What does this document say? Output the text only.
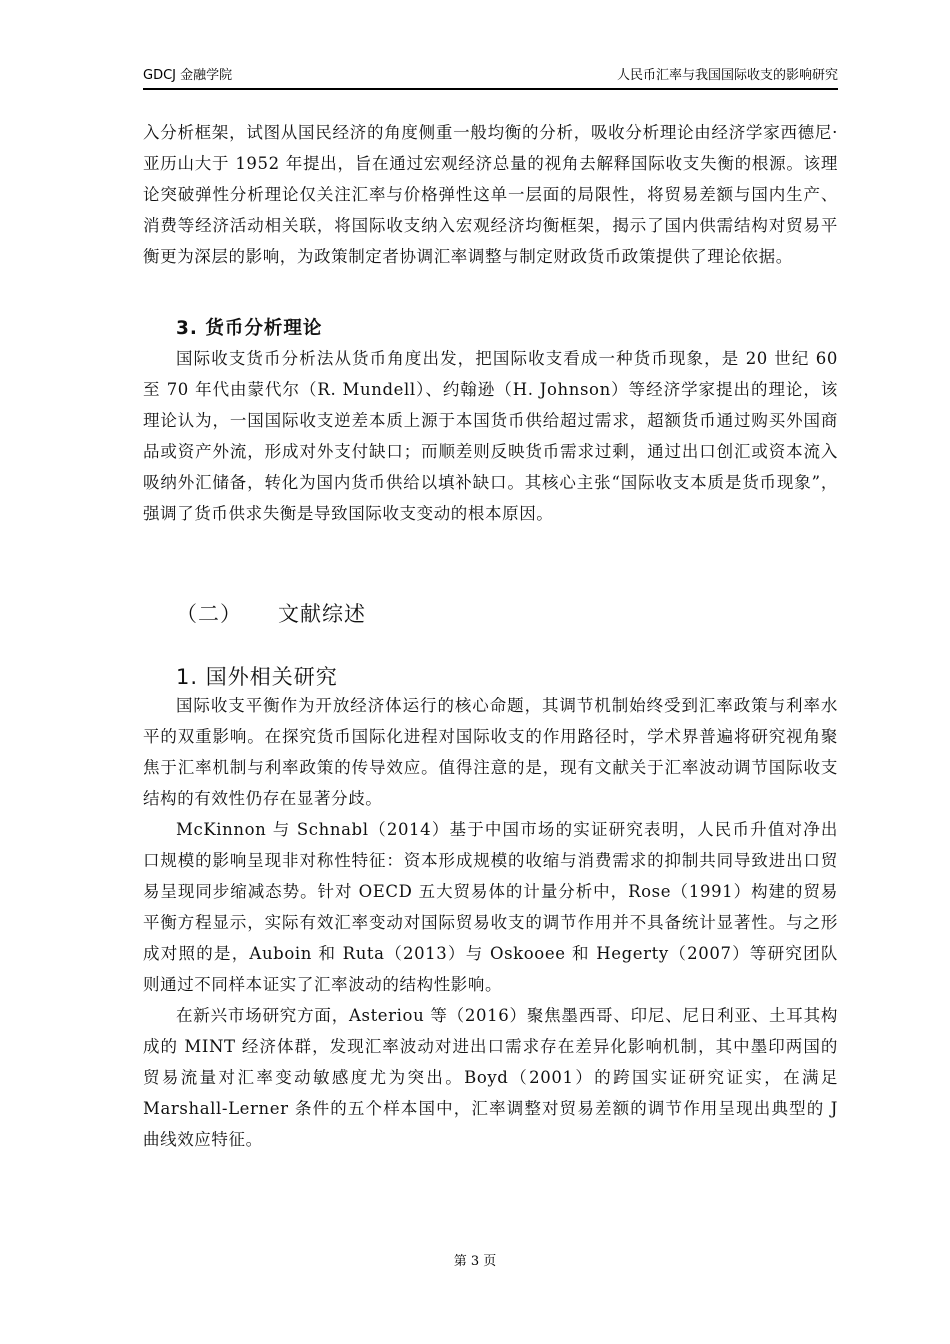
GDCJ 金融学院	人民币汇率与我国国际收支的影响研究

入分析框架，试图从国民经济的角度侧重一般均衡的分析，吸收分析理论由经济学家西德尼·亚历山大于 1952 年提出，旨在通过宏观经济总量的视角去解释国际收支失衡的根源。该理论突破弹性分析理论仅关注汇率与价格弹性这单一层面的局限性，将贸易差额与国内生产、消费等经济活动相关联，将国际收支纳入宏观经济均衡框架，揭示了国内供需结构对贸易平衡更为深层的影响，为政策制定者协调汇率调整与制定财政货币政策提供了理论依据。

3. 货币分析理论

国际收支货币分析法从货币角度出发，把国际收支看成一种货币现象，是 20 世纪 60 至 70 年代由蒙代尔（R. Mundell）、约翰逊（H. Johnson）等经济学家提出的理论，该理论认为，一国国际收支逆差本质上源于本国货币供给超过需求，超额货币通过购买外国商品或资产外流，形成对外支付缺口；而顺差则反映货币需求过剩，通过出口创汇或资本流入吸纳外汇储备，转化为国内货币供给以填补缺口。其核心主张“国际收支本质是货币现象”，强调了货币供求失衡是导致国际收支变动的根本原因。

（二） 文献综述
1. 国外相关研究

国际收支平衡作为开放经济体运行的核心命题，其调节机制始终受到汇率政策与利率水平的双重影响。在探究货币国际化进程对国际收支的作用路径时，学术界普遍将研究视角聚焦于汇率机制与利率政策的传导效应。值得注意的是，现有文献关于汇率波动调节国际收支结构的有效性仍存在显著分歧。

McKinnon 与 Schnabl（2014）基于中国市场的实证研究表明，人民币升值对净出口规模的影响呈现非对称性特征：资本形成规模的收缩与消费需求的抑制共同导致进出口贸易呈现同步缩减态势。针对 OECD 五大贸易体的计量分析中，Rose（1991）构建的贸易平衡方程显示，实际有效汇率变动对国际贸易收支的调节作用并不具备统计显著性。与之形成对照的是，Auboin 和 Ruta（2013）与 Oskooee 和 Hegerty（2007）等研究团队则通过不同样本证实了汇率波动的结构性影响。

在新兴市场研究方面，Asteriou 等（2016）聚焦墨西哥、印尼、尼日利亚、土耳其构成的 MINT 经济体群，发现汇率波动对进出口需求存在差异化影响机制，其中墨印两国的贸易流量对汇率变动敏感度尤为突出。Boyd（2001）的跨国实证研究证实，在满足 Marshall-Lerner 条件的五个样本国中，汇率调整对贸易差额的调节作用呈现出典型的 J 曲线效应特征。

第 3 页
